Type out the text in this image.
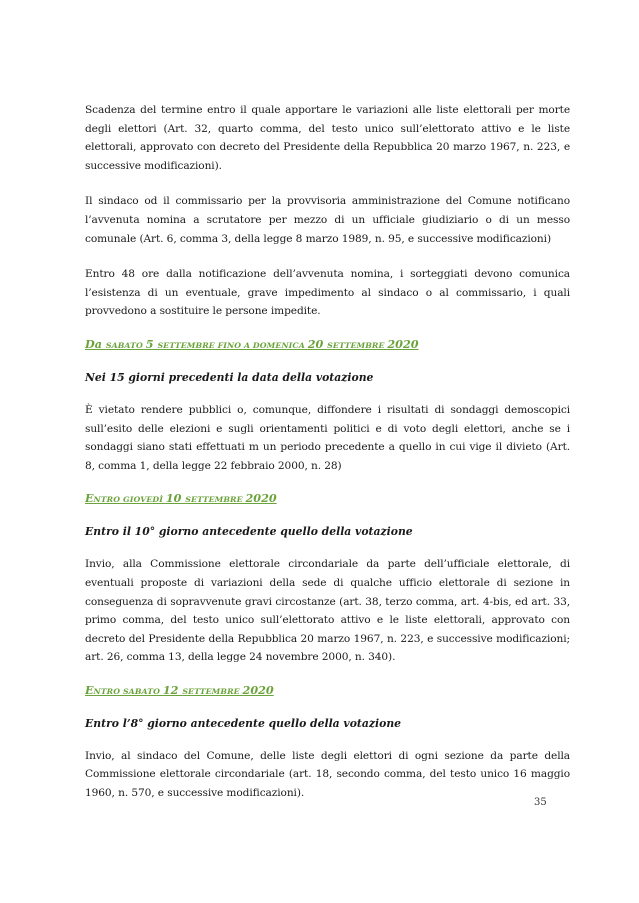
Scadenza del termine entro il quale apportare le variazioni alle liste elettorali per morte degli elettori (Art. 32, quarto comma, del testo unico sull’elettorato attivo e le liste elettorali, approvato con decreto del Presidente della Repubblica 20 marzo 1967, n. 223, e successive modificazioni).

Il sindaco od il commissario per la provvisoria amministrazione del Comune notificano l’avvenuta nomina a scrutatore per mezzo di un ufficiale giudiziario o di un messo comunale (Art. 6, comma 3, della legge 8 marzo 1989, n. 95, e successive modificazioni)

Entro 48 ore dalla notificazione dell’avvenuta nomina, i sorteggiati devono comunica l’esistenza di un eventuale, grave impedimento al sindaco o al commissario, i quali provvedono a sostituire le persone impedite.

Da SABATO 5 SETTEMBRE FINO A DOMENICA 20 SETTEMBRE 2020

Nei 15 giorni precedenti la data della votazione

È vietato rendere pubblici o, comunque, diffondere i risultati di sondaggi demoscopici sull’esito delle elezioni e sugli orientamenti politici e di voto degli elettori, anche se i sondaggi siano stati effettuati m un periodo precedente a quello in cui vige il divieto (Art. 8, comma 1, della legge 22 febbraio 2000, n. 28)

ENTRO GIOVEDÌ 10 SETTEMBRE 2020

Entro il 10° giorno antecedente quello della votazione

Invio, alla Commissione elettorale circondariale da parte dell’ufficiale elettorale, di eventuali proposte di variazioni della sede di qualche ufficio elettorale di sezione in conseguenza di sopravvenute gravi circostanze (art. 38, terzo comma, art. 4-bis, ed art. 33, primo comma, del testo unico sull’elettorato attivo e le liste elettorali, approvato con decreto del Presidente della Repubblica 20 marzo 1967, n. 223, e successive modificazioni; art. 26, comma 13, della legge 24 novembre 2000, n. 340).

ENTRO SABATO 12 SETTEMBRE 2020

Entro l’8° giorno antecedente quello della votazione

Invio, al sindaco del Comune, delle liste degli elettori di ogni sezione da parte della Commissione elettorale circondariale (art. 18, secondo comma, del testo unico 16 maggio 1960, n. 570, e successive modificazioni).

35
